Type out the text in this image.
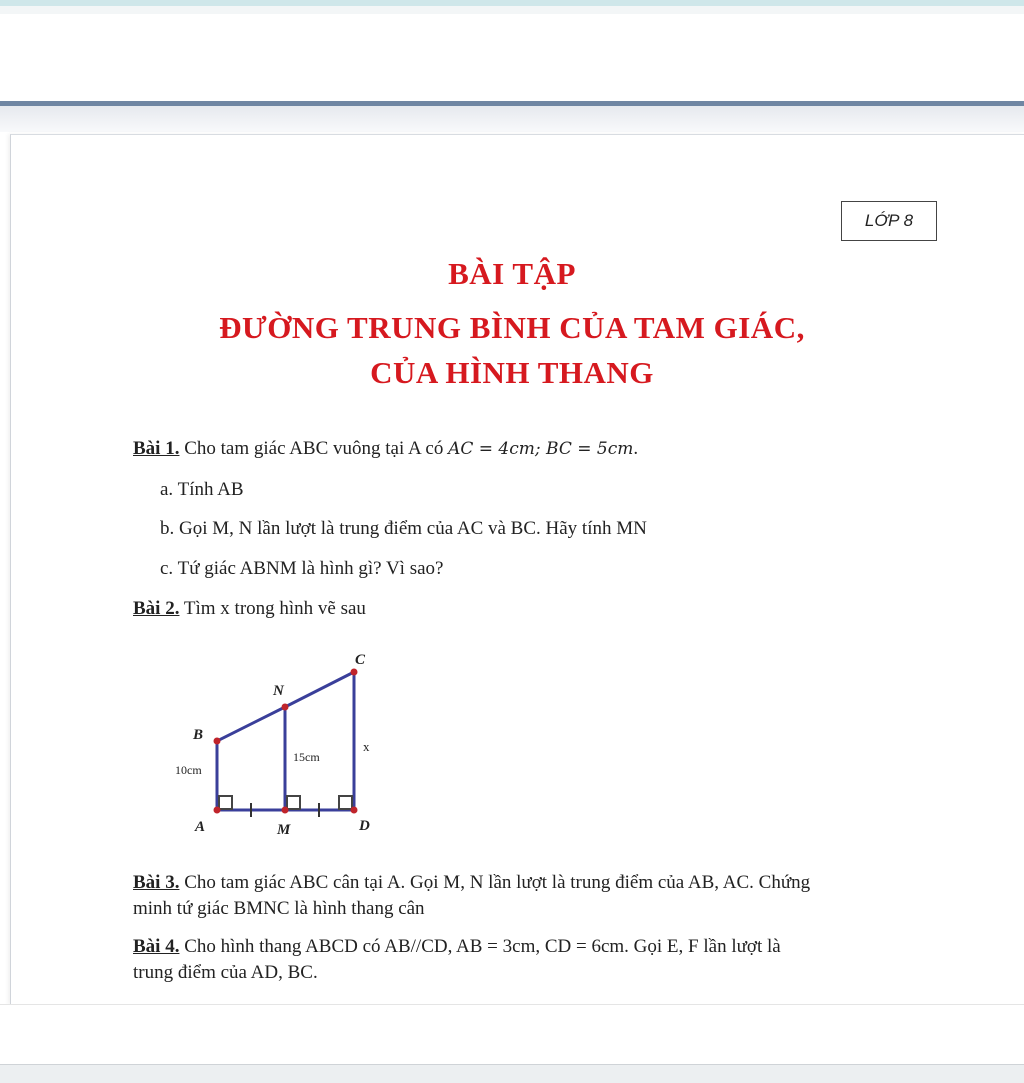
LỚP 8
BÀI TẬP
ĐƯỜNG TRUNG BÌNH CỦA TAM GIÁC,
CỦA HÌNH THANG
Bài 1. Cho tam giác ABC vuông tại A có AC = 4cm; BC = 5cm.
a. Tính AB
b. Gọi M, N lần lượt là trung điểm của AC và BC. Hãy tính MN
c. Tứ giác ABNM là hình gì? Vì sao?
Bài 2. Tìm x trong hình vẽ sau
B
N
C
A	M	D
10cm
15cm
x
Bài 3. Cho tam giác ABC cân tại A. Gọi M, N lần lượt là trung điểm của AB, AC. Chứng
minh tứ giác BMNC là hình thang cân
Bài 4. Cho hình thang ABCD có AB//CD, AB = 3cm, CD = 6cm. Gọi E, F lần lượt là
trung điểm của AD, BC.
